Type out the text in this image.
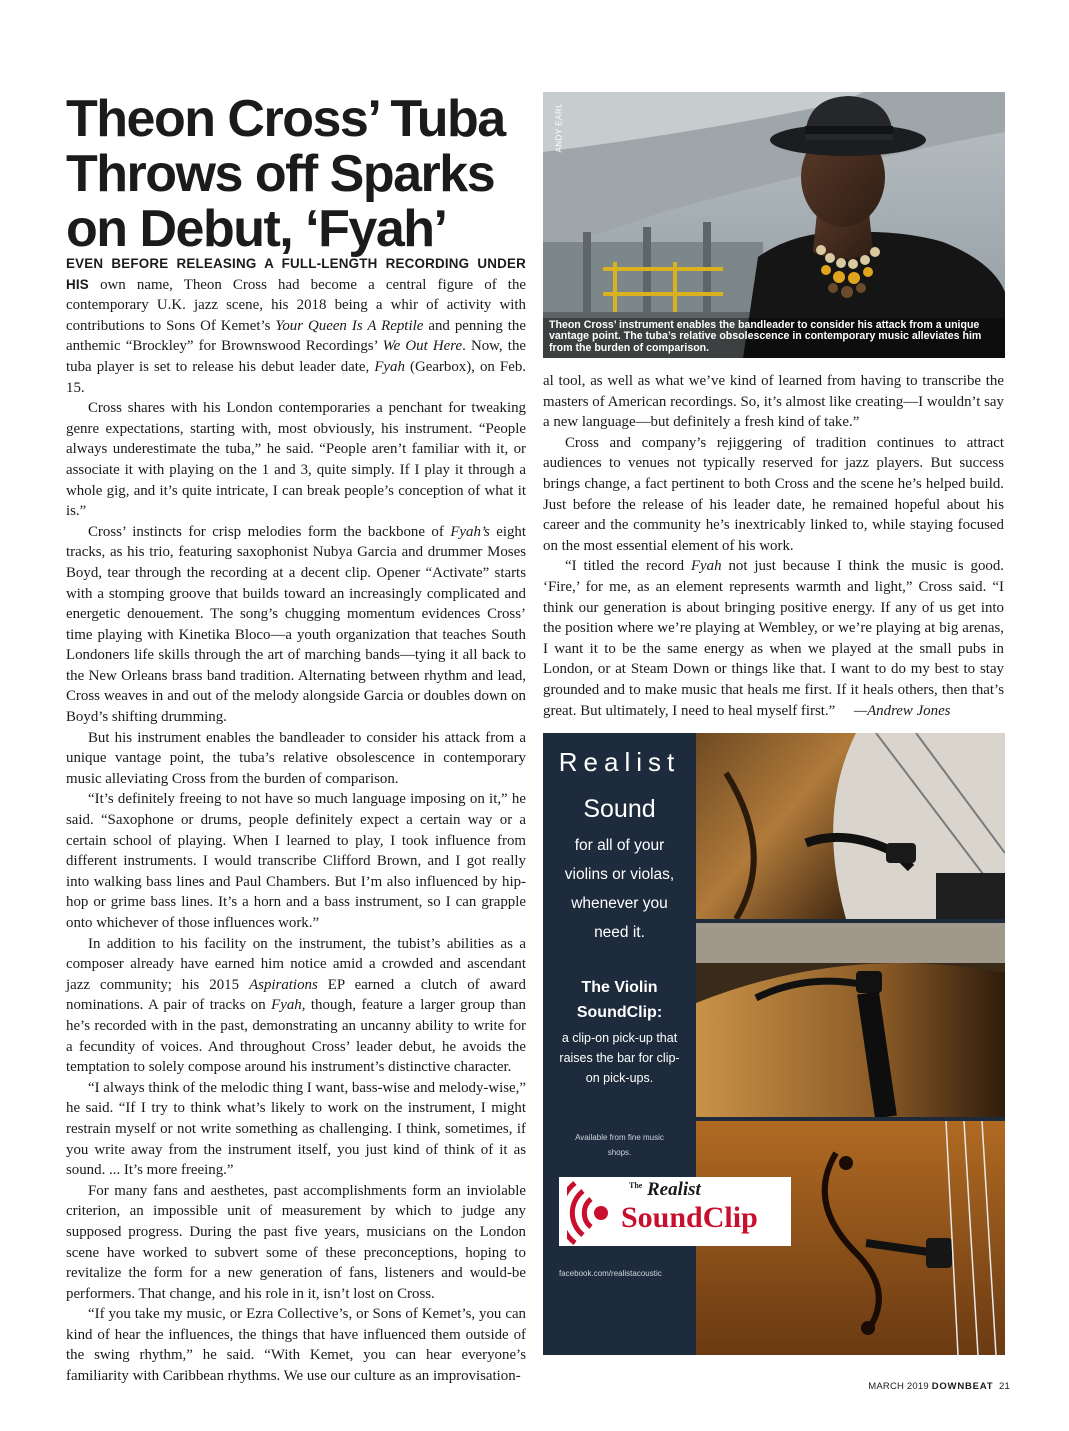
Theon Cross’ Tuba
Throws off Sparks
on Debut, ‘Fyah’
ANDY EARL
Theon Cross’ instrument enables the bandleader to consider his attack from a unique vantage point. The tuba’s relative obsolescence in contemporary music alleviates him from the burden of comparison.

EVEN BEFORE RELEASING A FULL-LENGTH RECORDING UNDER HIS own name, Theon Cross had become a central figure of the contemporary U.K. jazz scene, his 2018 being a whir of activity with contributions to Sons Of Kemet’s Your Queen Is A Reptile and penning the anthemic “Brockley” for Brownswood Recordings’ We Out Here. Now, the tuba player is set to release his debut leader date, Fyah (Gearbox), on Feb. 15.

Cross shares with his London contemporaries a penchant for tweaking genre expectations, starting with, most obviously, his instrument. “People always underestimate the tuba,” he said. “People aren’t familiar with it, or associate it with playing on the 1 and 3, quite simply. If I play it through a whole gig, and it’s quite intricate, I can break people’s conception of what it is.”

Cross’ instincts for crisp melodies form the backbone of Fyah’s eight tracks, as his trio, featuring saxophonist Nubya Garcia and drummer Moses Boyd, tear through the recording at a decent clip. Opener “Activate” starts with a stomping groove that builds toward an increasingly complicated and energetic denouement. The song’s chugging momentum evidences Cross’ time playing with Kinetika Bloco—a youth organization that teaches South Londoners life skills through the art of marching bands—tying it all back to the New Orleans brass band tradition. Alternating between rhythm and lead, Cross weaves in and out of the melody alongside Garcia or doubles down on Boyd’s shifting drumming.

But his instrument enables the bandleader to consider his attack from a unique vantage point, the tuba’s relative obsolescence in contemporary music alleviating Cross from the burden of comparison.

“It’s definitely freeing to not have so much language imposing on it,” he said. “Saxophone or drums, people definitely expect a certain way or a certain school of playing. When I learned to play, I took influence from different instruments. I would transcribe Clifford Brown, and I got really into walking bass lines and Paul Chambers. But I’m also influenced by hip-hop or grime bass lines. It’s a horn and a bass instrument, so I can grapple onto whichever of those influences work.”

In addition to his facility on the instrument, the tubist’s abilities as a composer already have earned him notice amid a crowded and ascendant jazz community; his 2015 Aspirations EP earned a clutch of award nominations. A pair of tracks on Fyah, though, feature a larger group than he’s recorded with in the past, demonstrating an uncanny ability to write for a fecundity of voices. And throughout Cross’ leader debut, he avoids the temptation to solely compose around his instrument’s distinctive character.

“I always think of the melodic thing I want, bass-wise and melody-wise,” he said. “If I try to think what’s likely to work on the instrument, I might restrain myself or not write something as challenging. I think, sometimes, if you write away from the instrument itself, you just kind of think of it as sound. ... It’s more freeing.”

For many fans and aesthetes, past accomplishments form an inviolable criterion, an impossible unit of measurement by which to judge any supposed progress. During the past five years, musicians on the London scene have worked to subvert some of these preconceptions, hoping to revitalize the form for a new generation of fans, listeners and would-be performers. That change, and his role in it, isn’t lost on Cross.

“If you take my music, or Ezra Collective’s, or Sons of Kemet’s, you can kind of hear the influences, the things that have influenced them outside of the swing rhythm,” he said. “With Kemet, you can hear everyone’s familiarity with Caribbean rhythms. We use our culture as an improvisation-

al tool, as well as what we’ve kind of learned from having to transcribe the masters of American recordings. So, it’s almost like creating—I wouldn’t say a new language—but definitely a fresh kind of take.”

Cross and company’s rejiggering of tradition continues to attract audiences to venues not typically reserved for jazz players. But success brings change, a fact pertinent to both Cross and the scene he’s helped build. Just before the release of his leader date, he remained hopeful about his career and the community he’s inextricably linked to, while staying focused on the most essential element of his work.

“I titled the record Fyah not just because I think the music is good. ‘Fire,’ for me, as an element represents warmth and light,” Cross said. “I think our generation is about bringing positive energy. If any of us get into the position where we’re playing at Wembley, or we’re playing at big arenas, I want it to be the same energy as when we played at the small pubs in London, or at Steam Down or things like that. I want to do my best to stay grounded and to make music that heals me first. If it heals others, then that’s great. But ultimately, I need to heal myself first.” —Andrew Jones

Realist
Sound
for all of your violins or violas, whenever you need it.
The Violin
SoundClip:
a clip-on pick-up that raises the bar for clip-on pick-ups.
Available from fine music shops.
The Realist
SoundClip
facebook.com/realistacoustic
MARCH 2019 DOWNBEAT 21
